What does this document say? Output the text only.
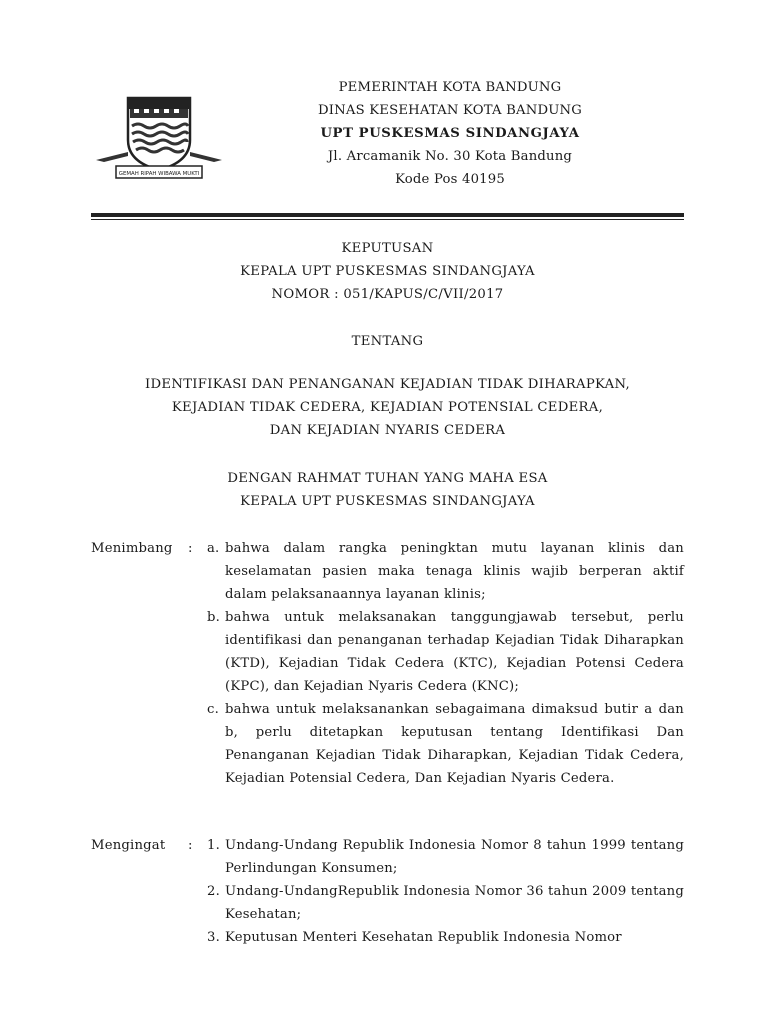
GEMAH RIPAH WIBAWA MUKTI
PEMERINTAH KOTA BANDUNG
DINAS KESEHATAN KOTA BANDUNG
UPT PUSKESMAS SINDANGJAYA
Jl. Arcamanik No. 30 Kota Bandung
Kode Pos 40195
KEPUTUSAN
KEPALA UPT PUSKESMAS SINDANGJAYA
NOMOR : 051/KAPUS/C/VII/2017
TENTANG
IDENTIFIKASI DAN PENANGANAN KEJADIAN TIDAK DIHARAPKAN,
KEJADIAN TIDAK CEDERA, KEJADIAN POTENSIAL CEDERA,
DAN KEJADIAN NYARIS CEDERA
DENGAN RAHMAT TUHAN YANG MAHA ESA
KEPALA UPT PUSKESMAS SINDANGJAYA
Menimbang	: a. bahwa dalam rangka peningktan mutu layanan klinis dan keselamatan pasien maka tenaga klinis wajib berperan aktif dalam pelaksanaannya layanan klinis;
b. bahwa untuk melaksanakan tanggungjawab tersebut, perlu identifikasi dan penanganan terhadap Kejadian Tidak Diharapkan (KTD), Kejadian Tidak Cedera (KTC), Kejadian Potensi Cedera (KPC), dan Kejadian Nyaris Cedera (KNC);
c. bahwa untuk melaksanankan sebagaimana dimaksud butir a dan b, perlu ditetapkan keputusan tentang Identifikasi Dan Penanganan Kejadian Tidak Diharapkan, Kejadian Tidak Cedera, Kejadian Potensial Cedera, Dan Kejadian Nyaris Cedera.
Mengingat	: 1. Undang-Undang Republik Indonesia Nomor 8 tahun 1999 tentang Perlindungan Konsumen;
2. Undang-UndangRepublik Indonesia Nomor 36 tahun 2009 tentang Kesehatan;
3. Keputusan Menteri Kesehatan Republik Indonesia Nomor
